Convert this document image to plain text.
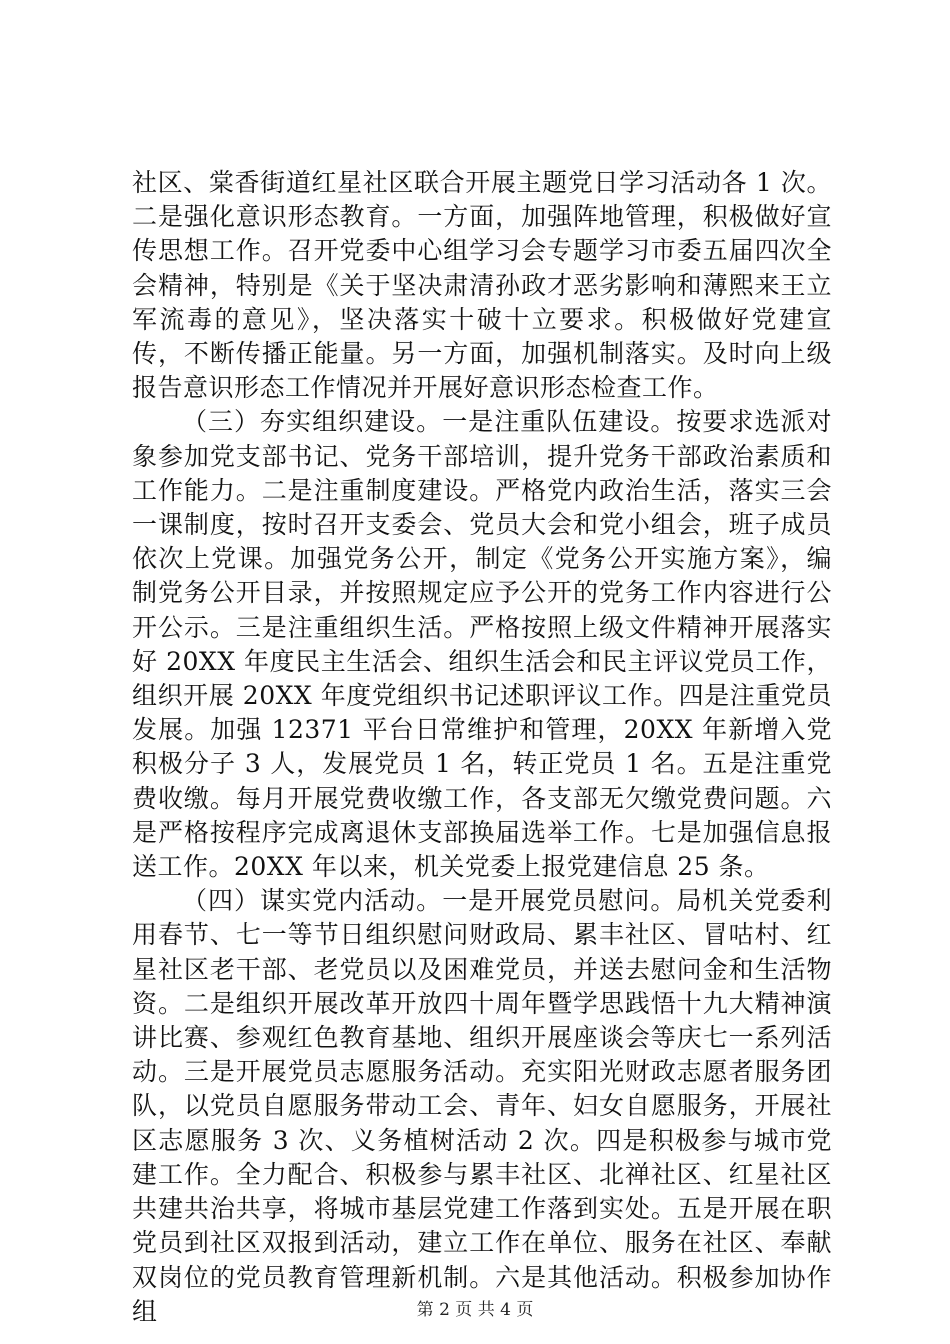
社区、棠香街道红星社区联合开展主题党日学习活动各 1 次。二是强化意识形态教育。一方面，加强阵地管理，积极做好宣传思想工作。召开党委中心组学习会专题学习市委五届四次全会精神，特别是《关于坚决肃清孙政才恶劣影响和薄熙来王立军流毒的意见》，坚决落实十破十立要求。积极做好党建宣传，不断传播正能量。另一方面，加强机制落实。及时向上级报告意识形态工作情况并开展好意识形态检查工作。

（三）夯实组织建设。一是注重队伍建设。按要求选派对象参加党支部书记、党务干部培训，提升党务干部政治素质和工作能力。二是注重制度建设。严格党内政治生活，落实三会一课制度，按时召开支委会、党员大会和党小组会，班子成员依次上党课。加强党务公开，制定《党务公开实施方案》，编制党务公开目录，并按照规定应予公开的党务工作内容进行公开公示。三是注重组织生活。严格按照上级文件精神开展落实好 20XX 年度民主生活会、组织生活会和民主评议党员工作，组织开展 20XX 年度党组织书记述职评议工作。四是注重党员发展。加强 12371 平台日常维护和管理，20XX 年新增入党积极分子 3 人，发展党员 1 名，转正党员 1 名。五是注重党费收缴。每月开展党费收缴工作，各支部无欠缴党费问题。六是严格按程序完成离退休支部换届选举工作。七是加强信息报送工作。20XX 年以来，机关党委上报党建信息 25 条。

（四）谋实党内活动。一是开展党员慰问。局机关党委利用春节、七一等节日组织慰问财政局、累丰社区、冒咕村、红星社区老干部、老党员以及困难党员，并送去慰问金和生活物资。二是组织开展改革开放四十周年暨学思践悟十九大精神演讲比赛、参观红色教育基地、组织开展座谈会等庆七一系列活动。三是开展党员志愿服务活动。充实阳光财政志愿者服务团队，以党员自愿服务带动工会、青年、妇女自愿服务，开展社区志愿服务 3 次、义务植树活动 2 次。四是积极参与城市党建工作。全力配合、积极参与累丰社区、北禅社区、红星社区共建共治共享，将城市基层党建工作落到实处。五是开展在职党员到社区双报到活动，建立工作在单位、服务在社区、奉献双岗位的党员教育管理新机制。六是其他活动。积极参加协作组	第 2 页 共 4 页
